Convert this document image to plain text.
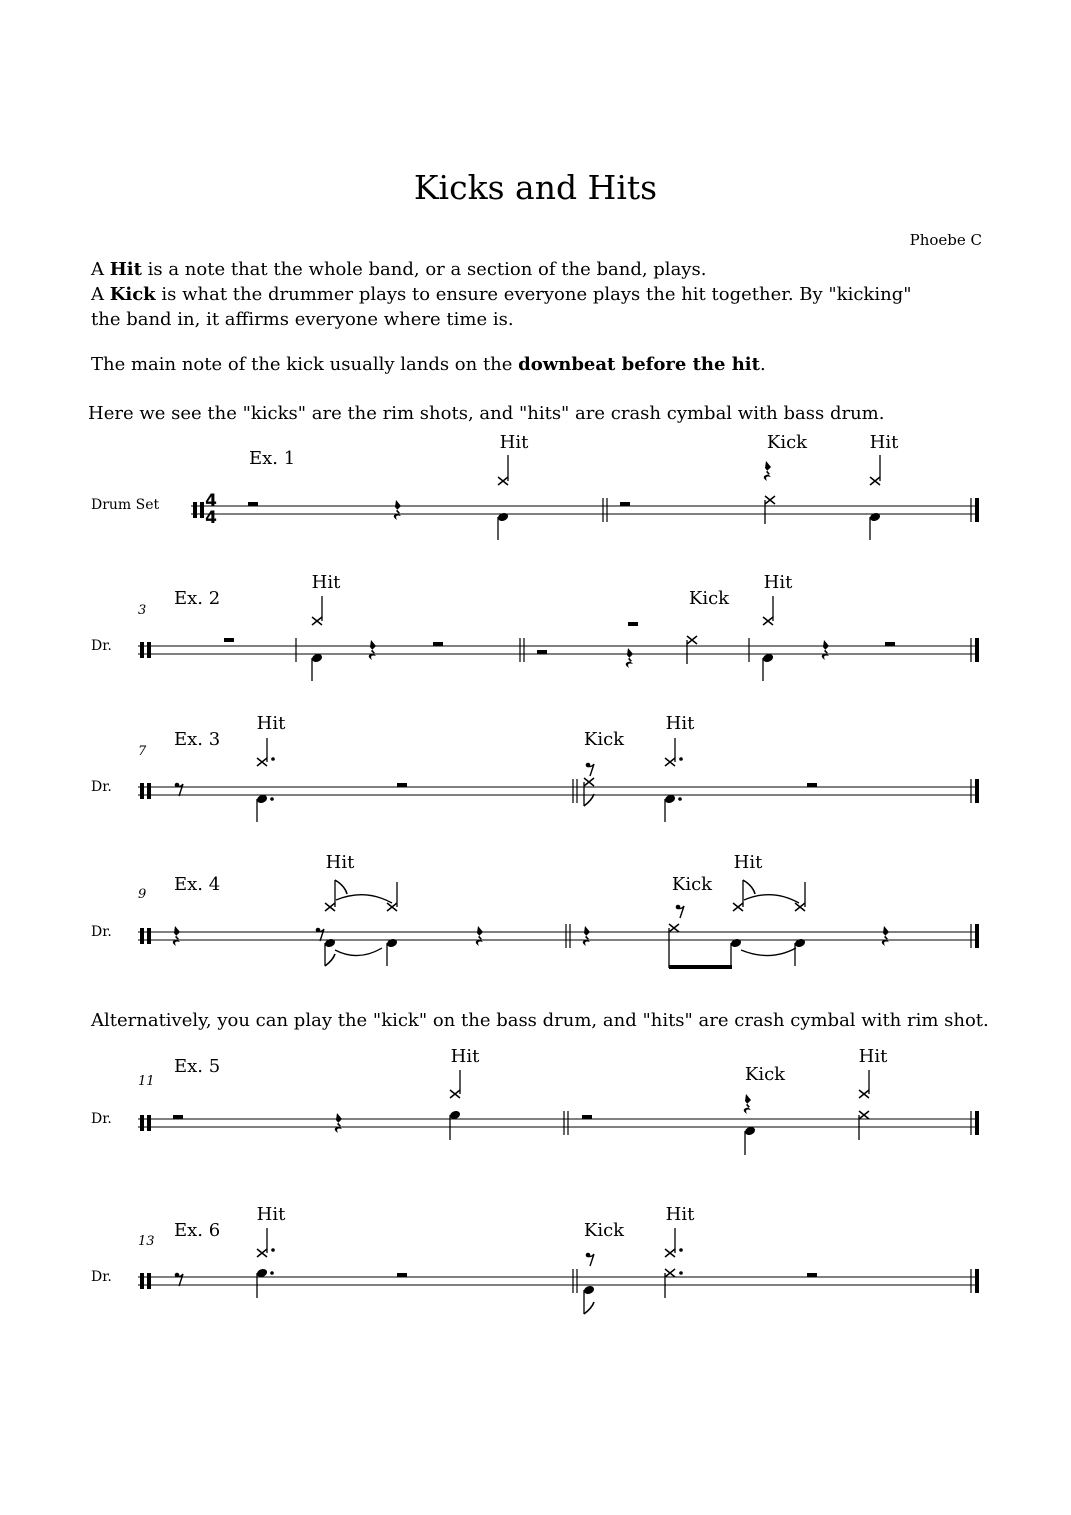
Kicks and Hits
Phoebe C

A Hit is a note that the whole band, or a section of the band, plays.
A Kick is what the drummer plays to ensure everyone plays the hit together. By "kicking"
the band in, it affirms everyone where time is.

The main note of the kick usually lands on the downbeat before the hit.

Here we see the "kicks" are the rim shots, and "hits" are crash cymbal with bass drum.

Alternatively, you can play the "kick" on the bass drum, and "hits" are crash cymbal with rim shot.

Drum Set
Ex. 1
4
4
Hit	Kick	Hit
3
Ex. 2
Dr.
Hit
Kick
Hit
7
Ex. 3
Dr.
Hit
Kick
Hit
9 Ex. 4
Dr.
Hit
Kick
Hit
11
Ex. 5
Dr.
Hit
Kick
Hit
13
Ex. 6
Dr.
Hit
Kick
Hit
